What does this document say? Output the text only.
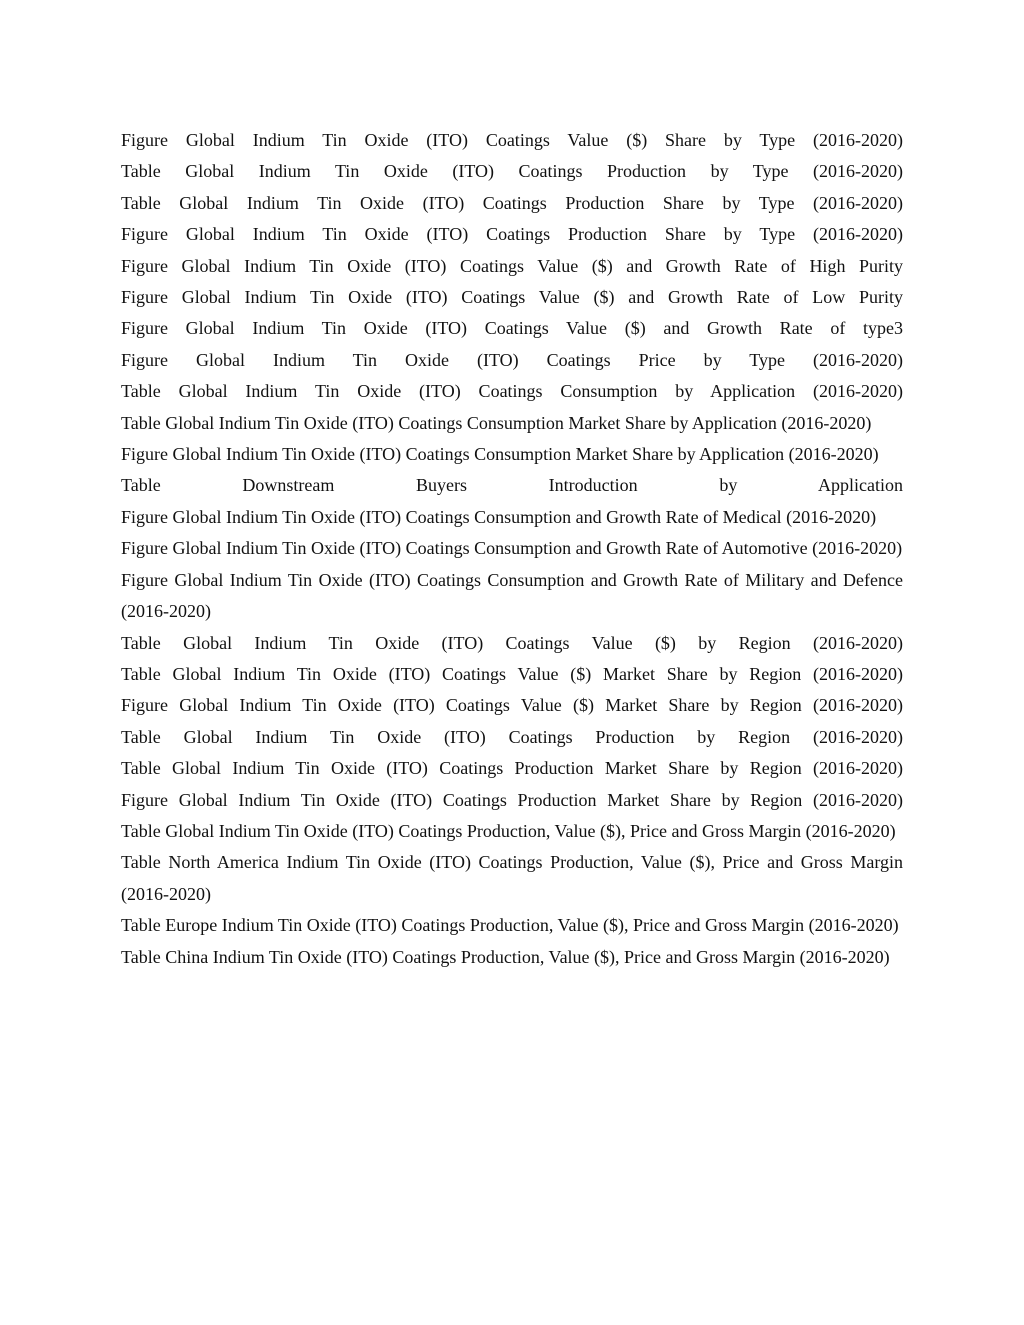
Figure Global Indium Tin Oxide (ITO) Coatings Value ($) Share by Type (2016-2020)

Table Global Indium Tin Oxide (ITO) Coatings Production by Type (2016-2020)

Table Global Indium Tin Oxide (ITO) Coatings Production Share by Type (2016-2020)

Figure Global Indium Tin Oxide (ITO) Coatings Production Share by Type (2016-2020)

Figure Global Indium Tin Oxide (ITO) Coatings Value ($) and Growth Rate of High Purity

Figure Global Indium Tin Oxide (ITO) Coatings Value ($) and Growth Rate of Low Purity

Figure Global Indium Tin Oxide (ITO) Coatings Value ($) and Growth Rate of type3

Figure Global Indium Tin Oxide (ITO) Coatings Price by Type (2016-2020)

Table Global Indium Tin Oxide (ITO) Coatings Consumption by Application (2016-2020)

Table Global Indium Tin Oxide (ITO) Coatings Consumption Market Share by Application (2016-2020)

Figure Global Indium Tin Oxide (ITO) Coatings Consumption Market Share by Application (2016-2020)

Table Downstream Buyers Introduction by Application

Figure Global Indium Tin Oxide (ITO) Coatings Consumption and Growth Rate of Medical (2016-2020)

Figure Global Indium Tin Oxide (ITO) Coatings Consumption and Growth Rate of Automotive (2016-2020)

Figure Global Indium Tin Oxide (ITO) Coatings Consumption and Growth Rate of Military and Defence (2016-2020)

Table Global Indium Tin Oxide (ITO) Coatings Value ($) by Region (2016-2020)

Table Global Indium Tin Oxide (ITO) Coatings Value ($) Market Share by Region (2016-2020)

Figure Global Indium Tin Oxide (ITO) Coatings Value ($) Market Share by Region (2016-2020)

Table Global Indium Tin Oxide (ITO) Coatings Production by Region (2016-2020)

Table Global Indium Tin Oxide (ITO) Coatings Production Market Share by Region (2016-2020)

Figure Global Indium Tin Oxide (ITO) Coatings Production Market Share by Region (2016-2020)

Table Global Indium Tin Oxide (ITO) Coatings Production, Value ($), Price and Gross Margin (2016-2020)

Table North America Indium Tin Oxide (ITO) Coatings Production, Value ($), Price and Gross Margin (2016-2020)

Table Europe Indium Tin Oxide (ITO) Coatings Production, Value ($), Price and Gross Margin (2016-2020)

Table China Indium Tin Oxide (ITO) Coatings Production, Value ($), Price and Gross Margin (2016-2020)
